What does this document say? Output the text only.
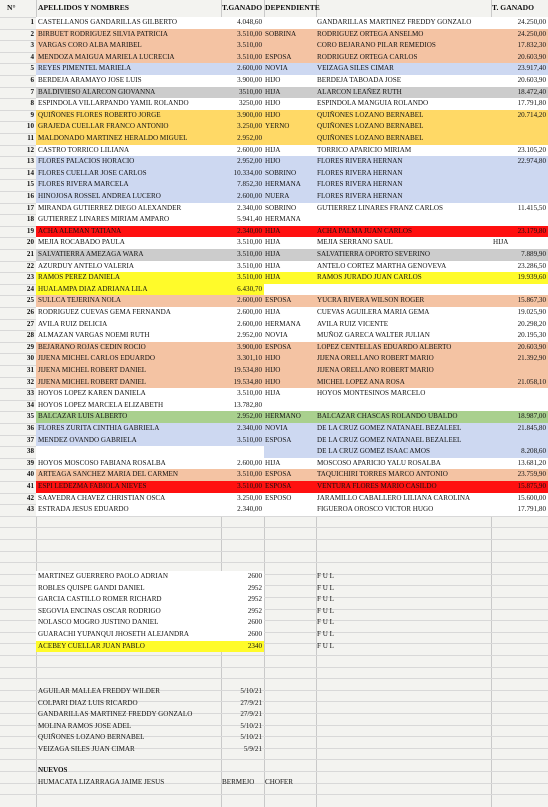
N°	APELLIDOS Y NOMBRES	T.GANADO DEPENDIENTE	T. GANADO
1 CASTELLANOS GANDARILLAS GILBERTO	4.048,60	GANDARILLAS MARTINEZ FREDDY GONZALO	24.250,00
2 BIRBUET RODRIGUEZ SILVIA PATRICIA	3.510,00 SOBRINA	RODRIGUEZ ORTEGA ANSELMO	24.250,00
3 VARGAS CORO ALBA MARIBEL	3.510,00	CORO BEJARANO PILAR REMEDIOS	17.832,30
4 MENDOZA MAIGUA MARIELA LUCRECIA	3.510,00 ESPOSA	RODRIGUEZ ORTEGA CARLOS	20.603,90
5 REYES PIMENTEL MARIELA	2.600,00 NOVIA	VEIZAGA SILES CIMAR	23.917,40
6 BERDEJA ARAMAYO JOSE LUIS	3.900,00 HIJO	BERDEJA TABOADA JOSE	20.603,90
7 BALDIVIESO ALARCON GIOVANNA	3510,00 HIJA	ALARCON LEAÑEZ RUTH	18.472,40
8 ESPINDOLA VILLARPANDO YAMIL ROLANDO	3250,00 HIJO	ESPINDOLA MANGUIA ROLANDO	17.791,80
9 QUIÑONES FLORES ROBERTO JORGE	3.900,00 HIJO	QUIÑONES LOZANO BERNABEL	20.714,20
10 GRAJEDA CUELLAR FRANCO ANTONIO	3.250,00 YERNO	QUIÑONES LOZANO BERNABEL
11 MALDONADO MARTINEZ HERALDO MIGUEL	2.952,00	QUIÑONES LOZANO BERNABEL
12 CASTRO TORRICO LILIANA	2.600,00 HIJA	TORRICO APARICIO MIRIAM	23.105,20
13 FLORES PALACIOS HORACIO	2.952,00 HIJO	FLORES RIVERA HERNAN	22.974,80
14 FLORES CUELLAR JOSE CARLOS	10.334,00 SOBRINO	FLORES RIVERA HERNAN
15 FLORES RIVERA MARCELA	7.852,30 HERMANA	FLORES RIVERA HERNAN
16 HINOJOSA ROSSEL ANDREA LUCERO	2.600,00 NUERA	FLORES RIVERA HERNAN
17 MIRANDA GUTIERREZ DIEGO ALEXANDER	2.340,00 SOBRINO	GUTIERREZ LINARES FRANZ CARLOS	11.415,50
18 GUTIERREZ LINARES MIRIAM AMPARO	5.941,40 HERMANA
19 ACHA ALEMAN TATIANA	2.340,00 HIJA	ACHA PALMA JUAN CARLOS	23.179,80
20 MEJIA ROCABADO PAULA	3.510,00 HIJA	MEJIA SERRANO SAUL	HIJA
21 SALVATIERRA AMEZAGA WARA	3.510,00 HIJA	SALVATIERRA OPORTO SEVERINO	7.889,90
22 AZURDUY ANTELO VALERIA	3.510,00 HIJA	ANTELO CORTEZ MARTHA GENOVEVA	23.286,50
23 RAMOS PEREZ DANIELA	3.510,00 HIJA	RAMOS JURADO JUAN CARLOS	19.939,60
24 HUALAMPA DIAZ ADRIANA LILA	6.430,70
25 SULLCA TEJERINA NOLA	2.600,00 ESPOSA	YUCRA RIVERA WILSON ROGER	15.867,30
26 RODRIGUEZ CUEVAS GEMA FERNANDA	2.600,00 HIJA	CUEVAS AGUILERA MARIA GEMA	19.025,90
27 AVILA RUIZ DELICIA	2.600,00 HERMANA	AVILA RUIZ VICENTE	20.298,20
28 ALMAZAN VARGAS NOEMI RUTH	2.952,00 NOVIA	MUÑOZ GARECA WALTER JULIAN	20.195,30
29 BEJARANO ROJAS CEDIN ROCIO	3.900,00 ESPOSA	LOPEZ CENTELLAS EDUARDO ALBERTO	20.603,90
30 JIJENA MICHEL CARLOS EDUARDO	3.301,10 HIJO	JIJENA ORELLANO ROBERT MARIO	21.392,90
31 JIJENA MICHEL ROBERT DANIEL	19.534,80 HIJO	JIJENA ORELLANO ROBERT MARIO
32 JIJENA MICHEL ROBERT DANIEL	19.534,80 HIJO	MICHEL LOPEZ ANA ROSA	21.058,10
33 HOYOS LOPEZ KAREN DANIELA	3.510,00 HIJA	HOYOS MONTESINOS MARCELO
34 HOYOS LOPEZ MARCELA ELIZABETH	13.782,80
35 BALCAZAR LUIS ALBERTO	2.952,00 HERMANO	BALCAZAR CHASCAS ROLANDO UBALDO	18.987,00
36 FLORES ZURITA CINTHIA GABRIELA	2.340,00 NOVIA	DE LA CRUZ GOMEZ NATANAEL BEZALEEL	21.845,80
37 MENDEZ OVANDO GABRIELA	3.510,00 ESPOSA	DE LA CRUZ GOMEZ NATANAEL BEZALEEL
38	DE LA CRUZ GOMEZ ISAAC AMOS	8.208,60
39 HOYOS MOSCOSO FABIANA ROSALBA	2.600,00 HIJA	MOSCOSO APARICIO YALU ROSALBA	13.681,20
40 ARTEAGA SANCHEZ MARIA DEL CARMEN	3.510,00 ESPOSA	TAQUICHIRI TORRES MARCO ANTONIO	23.759,90
41 ESPI LEDEZMA FABIOLA NIEVES	3.510,00 ESPOSA	VENTURA FLORES MARIO CASILDO	15.875,90
42 SAAVEDRA CHAVEZ CHRISTIAN OSCA	3.250,00 ESPOSO	JARAMILLO CABALLERO LILIANA CAROLINA	15.600,00
43 ESTRADA JESUS EDUARDO	2.340,00	FIGUEROA OROSCO VICTOR HUGO	17.791,80
MARTINEZ GUERRERO PAOLO ADRIAN	2600	F U L
ROBLES QUISPE GANDI DANIEL	2952	F U L
GARCIA CASTILLO ROMER RICHARD	2952	F U L
SEGOVIA ENCINAS OSCAR RODRIGO	2952	F U L
NOLASCO MOGRO JUSTINO DANIEL	2600	F U L
GUARACHI YUPANQUI JHOSETH ALEJANDRA	2600	F U L
ACEBEY CUELLAR JUAN PABLO	2340	F U L
AGUILAR MALLEA FREDDY WILDER	5/10/21
COLPARI DIAZ LUIS RICARDO	27/9/21
GANDARILLAS MARTINEZ FREDDY GONZALO	27/9/21
MOLINA RAMOS JOSE ADEL	5/10/21
QUIÑONES LOZANO BERNABEL	5/10/21
VEIZAGA SILES JUAN CIMAR	5/9/21
NUEVOS
HUMACATA LIZARRAGA JAIME JESUS	BERMEJO CHOFER
